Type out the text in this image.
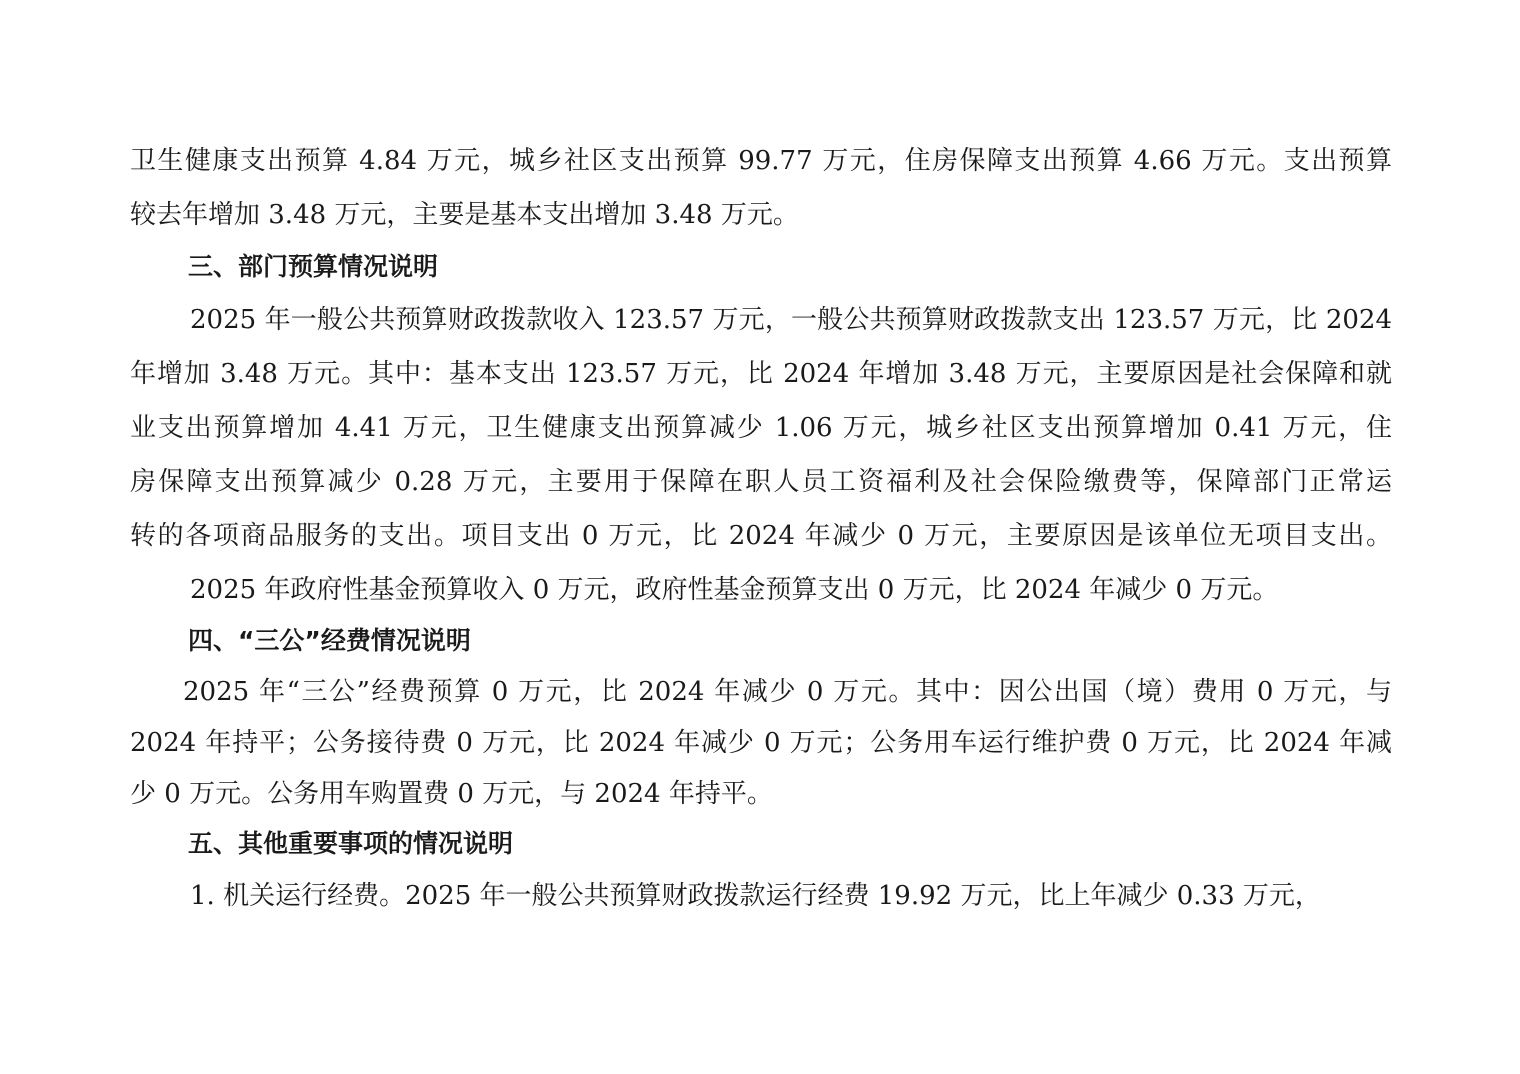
卫生健康支出预算 4.84 万元，城乡社区支出预算 99.77 万元，住房保障支出预算 4.66 万元。支出预算
较去年增加 3.48 万元，主要是基本支出增加 3.48 万元。
三、部门预算情况说明
2025 年一般公共预算财政拨款收入 123.57 万元，一般公共预算财政拨款支出 123.57 万元，比 2024
年增加 3.48 万元。其中：基本支出 123.57 万元，比 2024 年增加 3.48 万元，主要原因是社会保障和就
业支出预算增加 4.41 万元，卫生健康支出预算减少 1.06 万元，城乡社区支出预算增加 0.41 万元，住
房保障支出预算减少 0.28 万元，主要用于保障在职人员工资福利及社会保险缴费等，保障部门正常运
转的各项商品服务的支出。项目支出 0 万元，比 2024 年减少 0 万元，主要原因是该单位无项目支出。
2025 年政府性基金预算收入 0 万元，政府性基金预算支出 0 万元，比 2024 年减少 0 万元。
四、“三公”经费情况说明
2025 年“三公”经费预算 0 万元，比 2024 年减少 0 万元。其中：因公出国（境）费用 0 万元，与
2024 年持平；公务接待费 0 万元，比 2024 年减少 0 万元；公务用车运行维护费 0 万元，比 2024 年减
少 0 万元。公务用车购置费 0 万元，与 2024 年持平。
五、其他重要事项的情况说明
1. 机关运行经费。2025 年一般公共预算财政拨款运行经费 19.92 万元，比上年减少 0.33 万元，
